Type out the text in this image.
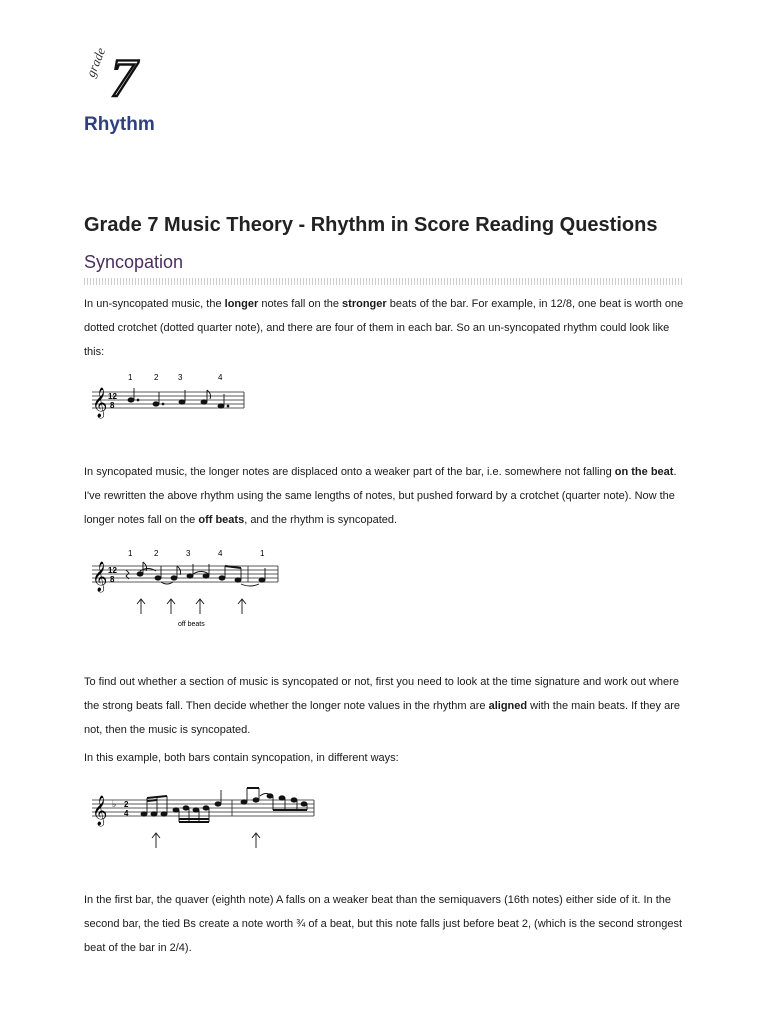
grade 7
Rhythm
Grade 7 Music Theory - Rhythm in Score Reading Questions
Syncopation

In un-syncopated music, the longer notes fall on the stronger beats of the bar. For example, in 12/8, one beat is worth one dotted crotchet (dotted quarter note), and there are four of them in each bar. So an un-syncopated rhythm could look like this:

1	2 3	4
𝄞 12
8

In syncopated music, the longer notes are displaced onto a weaker part of the bar, i.e. somewhere not falling on the beat. I've rewritten the above rhythm using the same lengths of notes, but pushed forward by a crotchet (quarter note). Now the longer notes fall on the off beats, and the rhythm is syncopated.

1	2	3	4	1
𝄞 12
8
off beats

To find out whether a section of music is syncopated or not, first you need to look at the time signature and work out where the strong beats fall. Then decide whether the longer note values in the rhythm are aligned with the main beats. If they are not, then the music is syncopated.

In this example, both bars contain syncopation, in different ways:

𝄞 ♭ 2
4

In the first bar, the quaver (eighth note) A falls on a weaker beat than the semiquavers (16th notes) either side of it. In the second bar, the tied Bs create a note worth ¾ of a beat, but this note falls just before beat 2, (which is the second strongest beat of the bar in 2/4).
